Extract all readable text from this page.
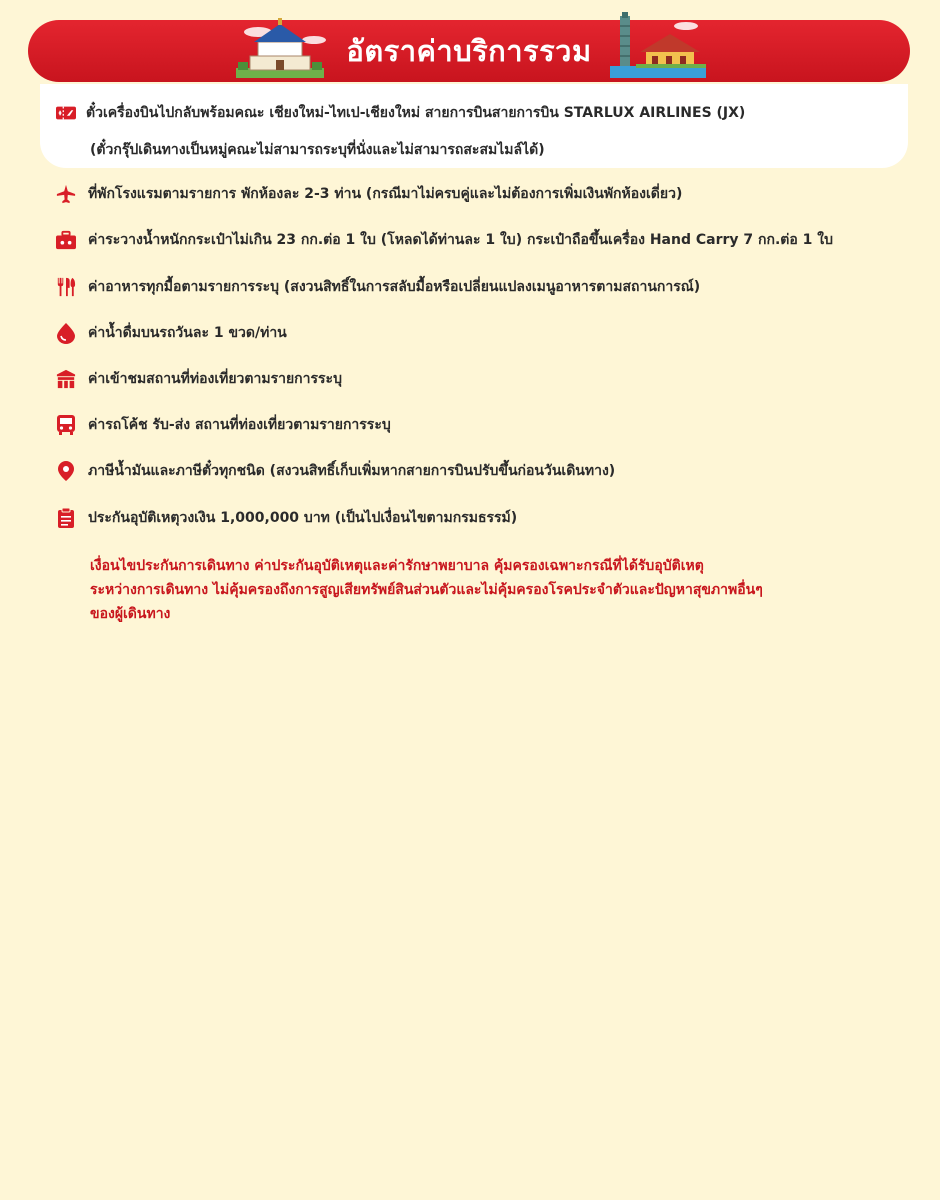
อัตราค่าบริการรวม
ตั๋วเครื่องบินไปกลับพร้อมคณะ เชียงใหม่-ไทเป-เชียงใหม่ สายการบินสายการบิน STARLUX AIRLINES (JX)
(ตั๋วกรุ๊ปเดินทางเป็นหมู่คณะไม่สามารถระบุที่นั่งและไม่สามารถสะสมไมล์ได้)
ที่พักโรงแรมตามรายการ พักห้องละ 2-3 ท่าน (กรณีมาไม่ครบคู่และไม่ต้องการเพิ่มเงินพักห้องเดี่ยว)
ค่าระวางน้ำหนักกระเป๋าไม่เกิน 23 กก.ต่อ 1 ใบ (โหลดได้ท่านละ 1 ใบ) กระเป๋าถือขึ้นเครื่อง Hand Carry 7 กก.ต่อ 1 ใบ
ค่าอาหารทุกมื้อตามรายการระบุ (สงวนสิทธิ์ในการสลับมื้อหรือเปลี่ยนแปลงเมนูอาหารตามสถานการณ์)
ค่าน้ำดื่มบนรถวันละ 1 ขวด/ท่าน
ค่าเข้าชมสถานที่ท่องเที่ยวตามรายการระบุ
ค่ารถโค้ช รับ-ส่ง สถานที่ท่องเที่ยวตามรายการระบุ
ภาษีน้ำมันและภาษีตั๋วทุกชนิด (สงวนสิทธิ์เก็บเพิ่มหากสายการบินปรับขึ้นก่อนวันเดินทาง)
ประกันอุบัติเหตุวงเงิน 1,000,000 บาท (เป็นไปเงื่อนไขตามกรมธรรม์)
เงื่อนไขประกันการเดินทาง ค่าประกันอุบัติเหตุและค่ารักษาพยาบาล คุ้มครองเฉพาะกรณีที่ได้รับอุบัติเหตุ
ระหว่างการเดินทาง ไม่คุ้มครองถึงการสูญเสียทรัพย์สินส่วนตัวและไม่คุ้มครองโรคประจำตัวและปัญหาสุขภาพอื่นๆ
ของผู้เดินทาง
